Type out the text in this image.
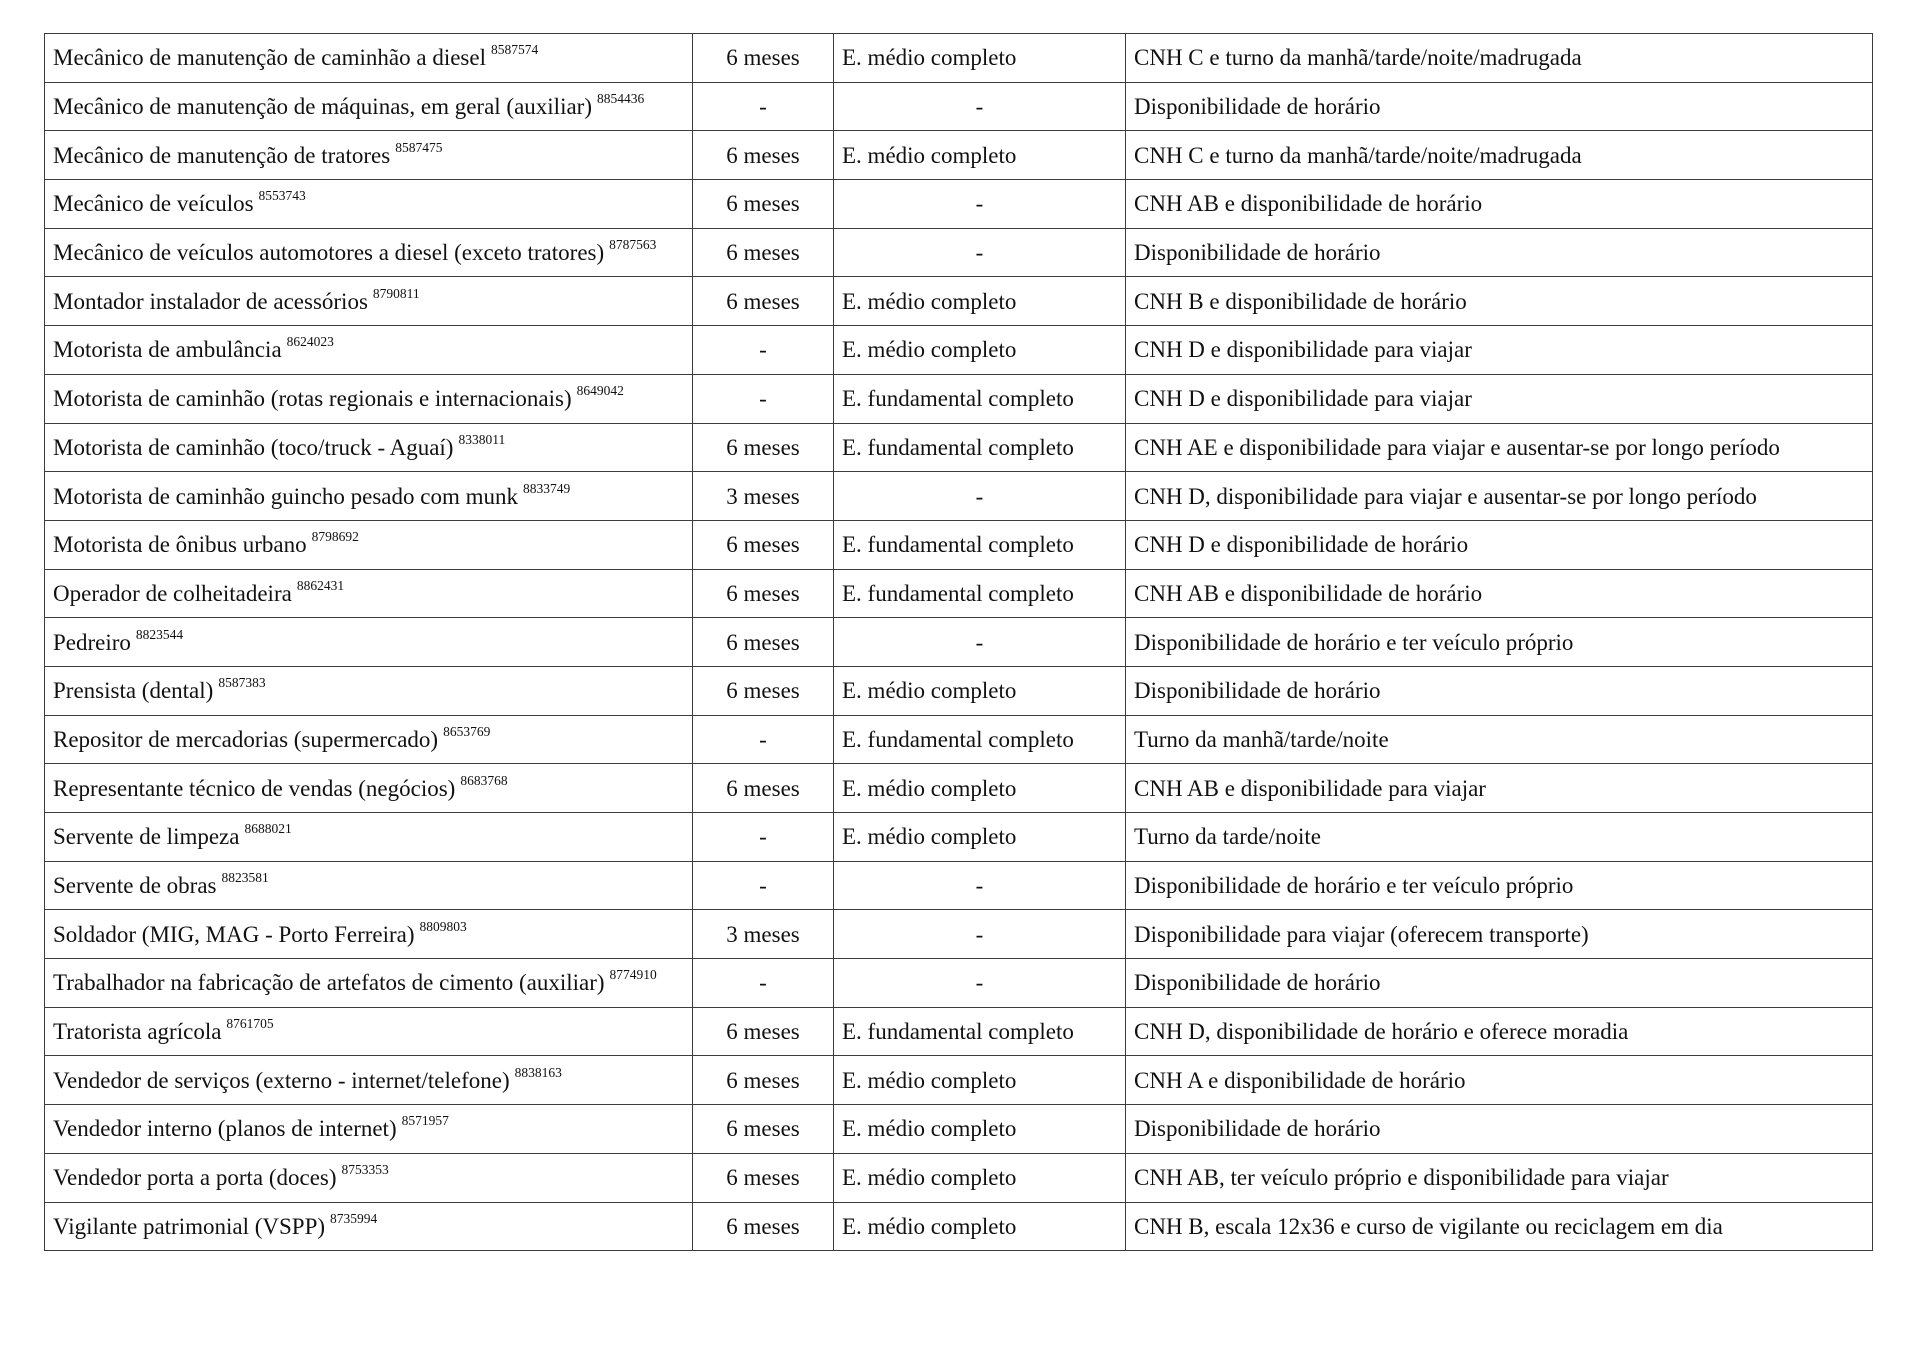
Mecânico de manutenção de caminhão a diesel $^{8587574}$	6 meses	E. médio completo	CNH C e turno da manhã/tarde/noite/madrugada
Mecânico de manutenção de máquinas, em geral (auxiliar) $^{8854436}$	-	-	Disponibilidade de horário
Mecânico de manutenção de tratores $^{8587475}$	6 meses	E. médio completo	CNH C e turno da manhã/tarde/noite/madrugada
Mecânico de veículos $^{8553743}$	6 meses	-	CNH AB e disponibilidade de horário
Mecânico de veículos automotores a diesel (exceto tratores) $^{8787563}$	6 meses	-	Disponibilidade de horário
Montador instalador de acessórios $^{8790811}$	6 meses	E. médio completo	CNH B e disponibilidade de horário
Motorista de ambulância $^{8624023}$	-	E. médio completo	CNH D e disponibilidade para viajar
Motorista de caminhão (rotas regionais e internacionais) $^{8649042}$	-	E. fundamental completo	CNH D e disponibilidade para viajar
Motorista de caminhão (toco/truck - Aguaí) $^{8338011}$	6 meses	E. fundamental completo	CNH AE e disponibilidade para viajar e ausentar-se por longo período
Motorista de caminhão guincho pesado com munk $^{8833749}$	3 meses	-	CNH D, disponibilidade para viajar e ausentar-se por longo período
Motorista de ônibus urbano $^{8798692}$	6 meses	E. fundamental completo	CNH D e disponibilidade de horário
Operador de colheitadeira $^{8862431}$	6 meses	E. fundamental completo	CNH AB e disponibilidade de horário
Pedreiro $^{8823544}$	6 meses	-	Disponibilidade de horário e ter veículo próprio
Prensista (dental) $^{8587383}$	6 meses	E. médio completo	Disponibilidade de horário
Repositor de mercadorias (supermercado) $^{8653769}$	-	E. fundamental completo	Turno da manhã/tarde/noite
Representante técnico de vendas (negócios) $^{8683768}$	6 meses	E. médio completo	CNH AB e disponibilidade para viajar
Servente de limpeza $^{8688021}$	-	E. médio completo	Turno da tarde/noite
Servente de obras $^{8823581}$	-	-	Disponibilidade de horário e ter veículo próprio
Soldador (MIG, MAG - Porto Ferreira) $^{8809803}$	3 meses	-	Disponibilidade para viajar (oferecem transporte)
Trabalhador na fabricação de artefatos de cimento (auxiliar) $^{8774910}$	-	-	Disponibilidade de horário
Tratorista agrícola $^{8761705}$	6 meses	E. fundamental completo	CNH D, disponibilidade de horário e oferece moradia
Vendedor de serviços (externo - internet/telefone) $^{8838163}$	6 meses	E. médio completo	CNH A e disponibilidade de horário
Vendedor interno (planos de internet) $^{8571957}$	6 meses	E. médio completo	Disponibilidade de horário
Vendedor porta a porta (doces) $^{8753353}$	6 meses	E. médio completo	CNH AB, ter veículo próprio e disponibilidade para viajar
Vigilante patrimonial (VSPP) $^{8735994}$	6 meses	E. médio completo	CNH B, escala 12x36 e curso de vigilante ou reciclagem em dia
